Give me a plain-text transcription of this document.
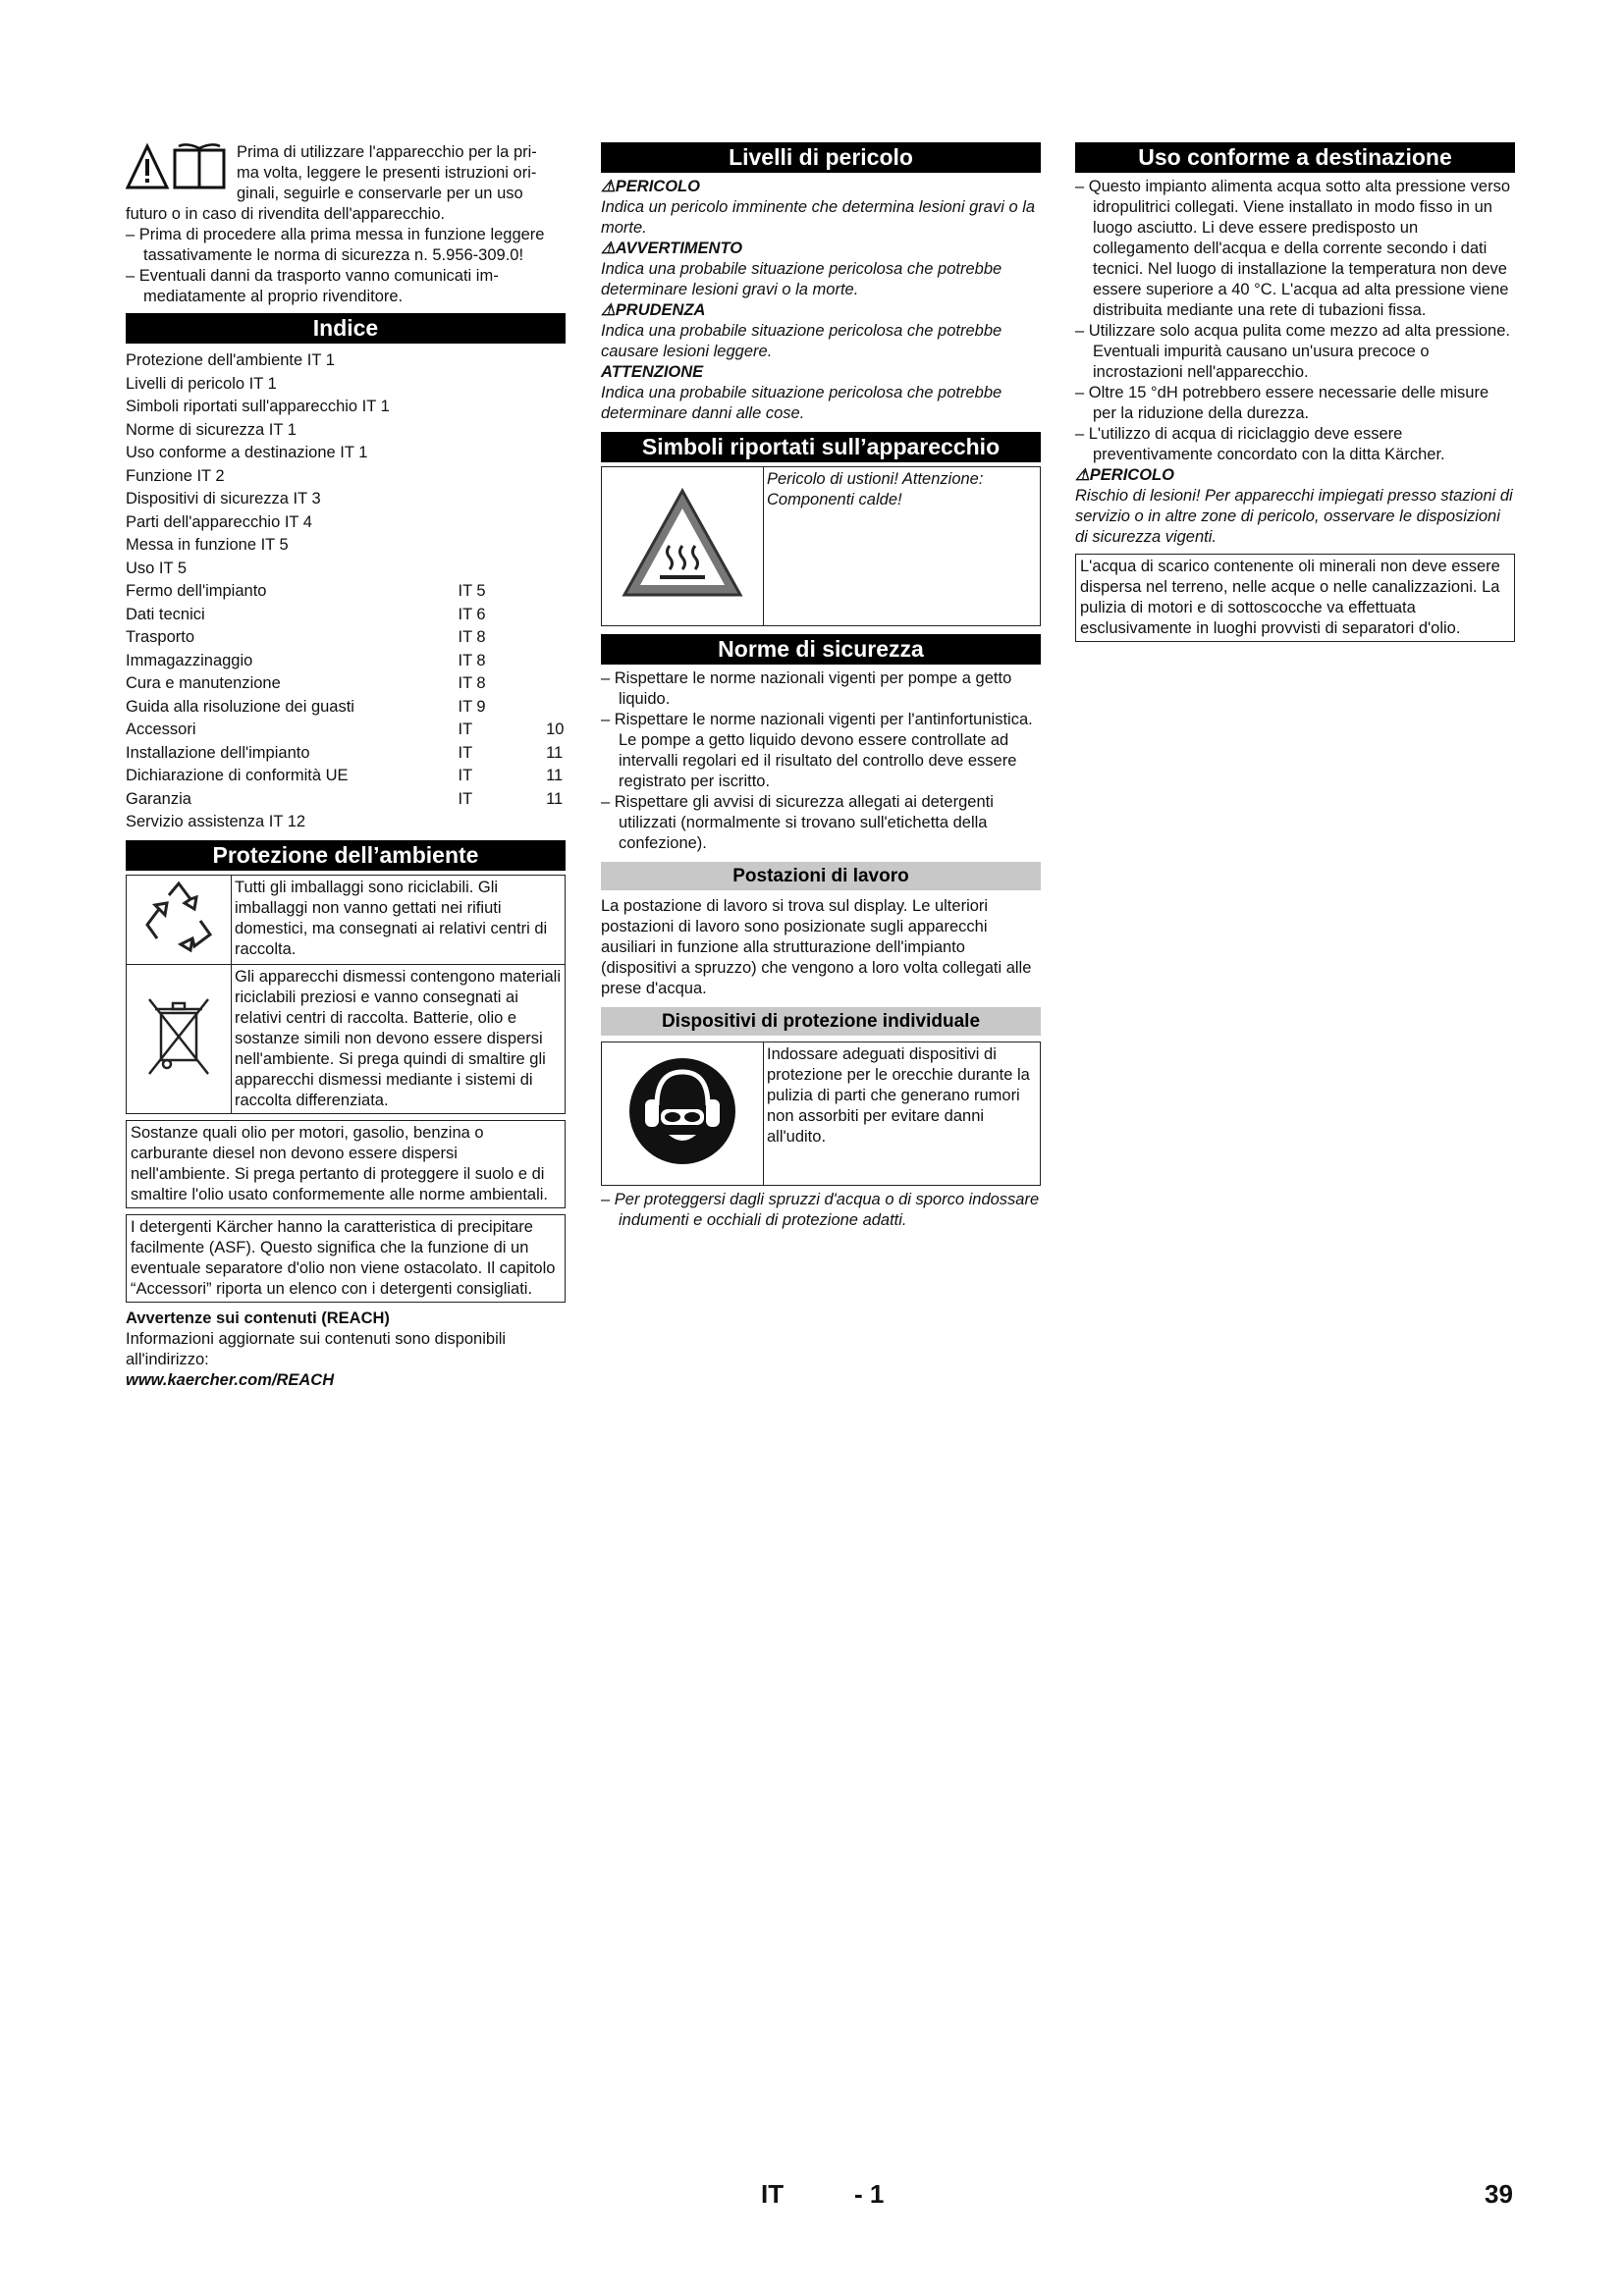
Prima di utilizzare l'apparecchio per la pri-

ma volta, leggere le presenti istruzioni ori-

ginali, seguirle e conservarle per un uso

futuro o in caso di rivendita dell'apparecchio.

– Prima di procedere alla prima messa in funzione leggere tassativamente le norma di sicurezza n. 5.956-309.0!

– Eventuali danni da trasporto vanno comunicati im- mediatamente al proprio rivenditore.

Indice
Protezione dell'ambiente IT 1
Livelli di pericolo IT 1
Simboli riportati sull'apparecchio IT 1
Norme di sicurezza IT 1
Uso conforme a destinazione IT 1
Funzione IT 2
Dispositivi di sicurezza IT 3
Parti dell'apparecchio IT 4
Messa in funzione IT 5
Uso IT 5
Fermo dell'impianto	IT 5
Dati tecnici	IT 6
Trasporto	IT 8
Immagazzinaggio	IT 8
Cura e manutenzione	IT 8
Guida alla risoluzione dei guasti	IT 9
Accessori	IT	10
Installazione dell'impianto	IT	11
Dichiarazione di conformità UE	IT	11
Garanzia	IT	11
Servizio assistenza IT 12
Protezione dell’ambiente
	Tutti gli imballaggi sono riciclabili. Gli imballaggi non vanno gettati nei rifiuti domestici, ma consegnati ai relativi centri di raccolta.
	Gli apparecchi dismessi contengono materiali riciclabili preziosi e vanno consegnati ai relativi centri di raccolta. Batterie, olio e sostanze simili non devono essere dispersi nell'ambiente. Si prega quindi di smaltire gli apparecchi dismessi mediante i sistemi di raccolta differenziata.
Sostanze quali olio per motori, gasolio, benzina o carburante diesel non devono essere dispersi nell'ambiente. Si prega pertanto di proteggere il suolo e di smaltire l'olio usato conformemente alle norme ambientali.
I detergenti Kärcher hanno la caratteristica di precipitare facilmente (ASF). Questo significa che la funzione di un eventuale separatore d'olio non viene ostacolato. Il capitolo “Accessori” riporta un elenco con i detergenti consigliati.

Avvertenze sui contenuti (REACH)

Informazioni aggiornate sui contenuti sono disponibili all'indirizzo:

www.kaercher.com/REACH

Livelli di pericolo

⚠PERICOLO

Indica un pericolo imminente che determina lesioni gravi o la morte.

⚠AVVERTIMENTO

Indica una probabile situazione pericolosa che potrebbe determinare lesioni gravi o la morte.

⚠PRUDENZA

Indica una probabile situazione pericolosa che potrebbe causare lesioni leggere.

ATTENZIONE

Indica una probabile situazione pericolosa che potrebbe determinare danni alle cose.

Simboli riportati sull’apparecchio
	Pericolo di ustioni! Attenzione: Componenti calde!
Norme di sicurezza

– Rispettare le norme nazionali vigenti per pompe a getto liquido.

– Rispettare le norme nazionali vigenti per l'antinfortunistica. Le pompe a getto liquido devono essere controllate ad intervalli regolari ed il risultato del controllo deve essere registrato per iscritto.

– Rispettare gli avvisi di sicurezza allegati ai detergenti utilizzati (normalmente si trovano sull'etichetta della confezione).

Postazioni di lavoro

La postazione di lavoro si trova sul display. Le ulteriori postazioni di lavoro sono posizionate sugli apparecchi ausiliari in funzione alla strutturazione dell'impianto (dispositivi a spruzzo) che vengono a loro volta collegati alle prese d'acqua.

Dispositivi di protezione individuale
	Indossare adeguati dispositivi di protezione per le orecchie durante la pulizia di parti che generano rumori non assorbiti per evitare danni all'udito.

– Per proteggersi dagli spruzzi d'acqua o di sporco indossare indumenti e occhiali di protezione adatti.

Uso conforme a destinazione

– Questo impianto alimenta acqua sotto alta pressione verso idropulitrici collegati. Viene installato in modo fisso in un luogo asciutto. Li deve essere predisposto un collegamento dell'acqua e della corrente secondo i dati tecnici. Nel luogo di installazione la temperatura non deve essere superiore a 40 °C. L'acqua ad alta pressione viene distribuita mediante una rete di tubazioni fissa.

– Utilizzare solo acqua pulita come mezzo ad alta pressione. Eventuali impurità causano un'usura precoce o incrostazioni nell'apparecchio.

– Oltre 15 °dH potrebbero essere necessarie delle misure per la riduzione della durezza.

– L'utilizzo di acqua di riciclaggio deve essere preventivamente concordato con la ditta Kärcher.

⚠PERICOLO

Rischio di lesioni! Per apparecchi impiegati presso stazioni di servizio o in altre zone di pericolo, osservare le disposizioni di sicurezza vigenti.

L'acqua di scarico contenente oli minerali non deve essere dispersa nel terreno, nelle acque o nelle canalizzazioni. La pulizia di motori e di sottoscocche va effettuata esclusivamente in luoghi provvisti di separatori d'olio.
IT	- 1	39
